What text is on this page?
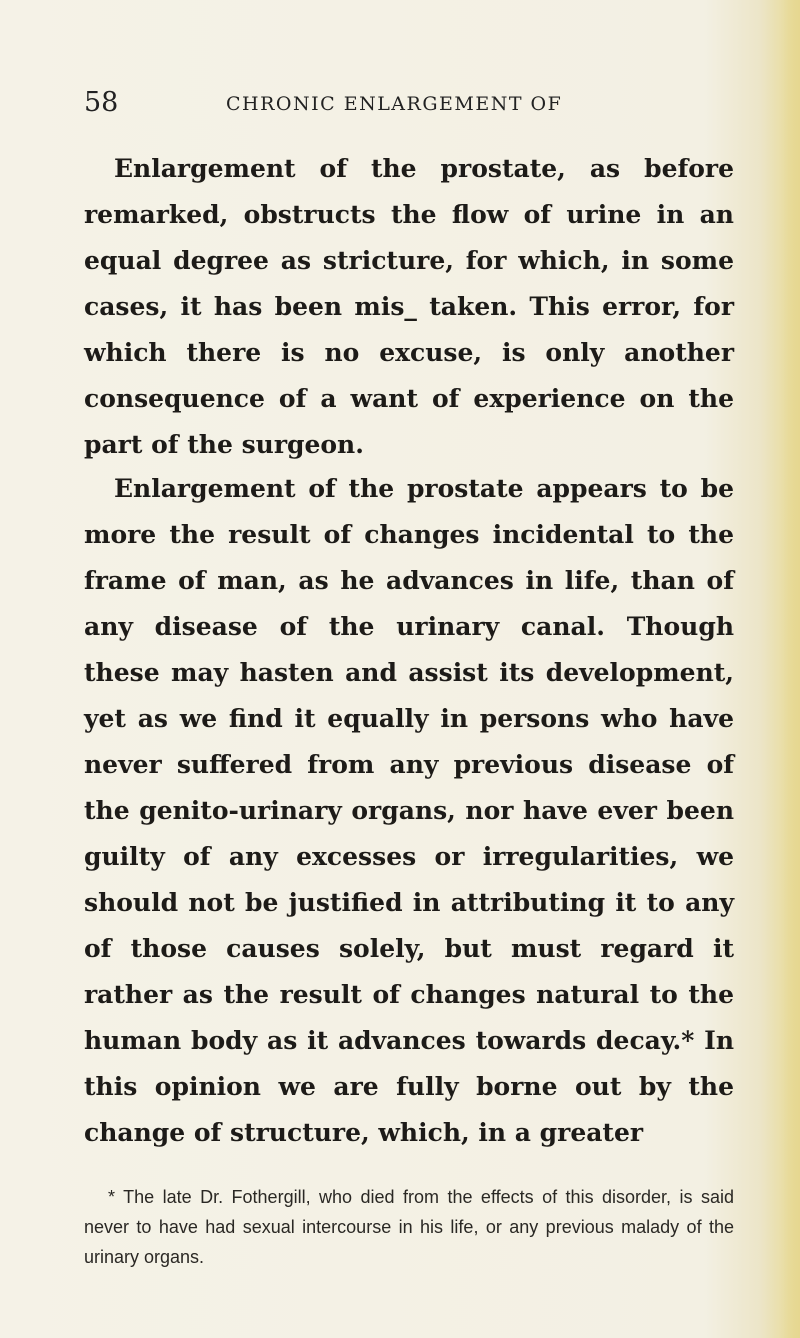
58	CHRONIC ENLARGEMENT OF

Enlargement of the prostate, as before remarked, obstructs the flow of urine in an equal degree as stricture, for which, in some cases, it has been mis_ taken. This error, for which there is no excuse, is only another consequence of a want of experience on the part of the surgeon.

Enlargement of the prostate appears to be more the result of changes incidental to the frame of man, as he advances in life, than of any disease of the urinary canal. Though these may hasten and assist its development, yet as we find it equally in persons who have never suffered from any previous disease of the genito-urinary organs, nor have ever been guilty of any excesses or irregularities, we should not be justified in attributing it to any of those causes solely, but must regard it rather as the result of changes natural to the human body as it advances towards decay.* In this opinion we are fully borne out by the change of structure, which, in a greater

* The late Dr. Fothergill, who died from the effects of this disorder, is said never to have had sexual intercourse in his life, or any previous malady of the urinary organs.
